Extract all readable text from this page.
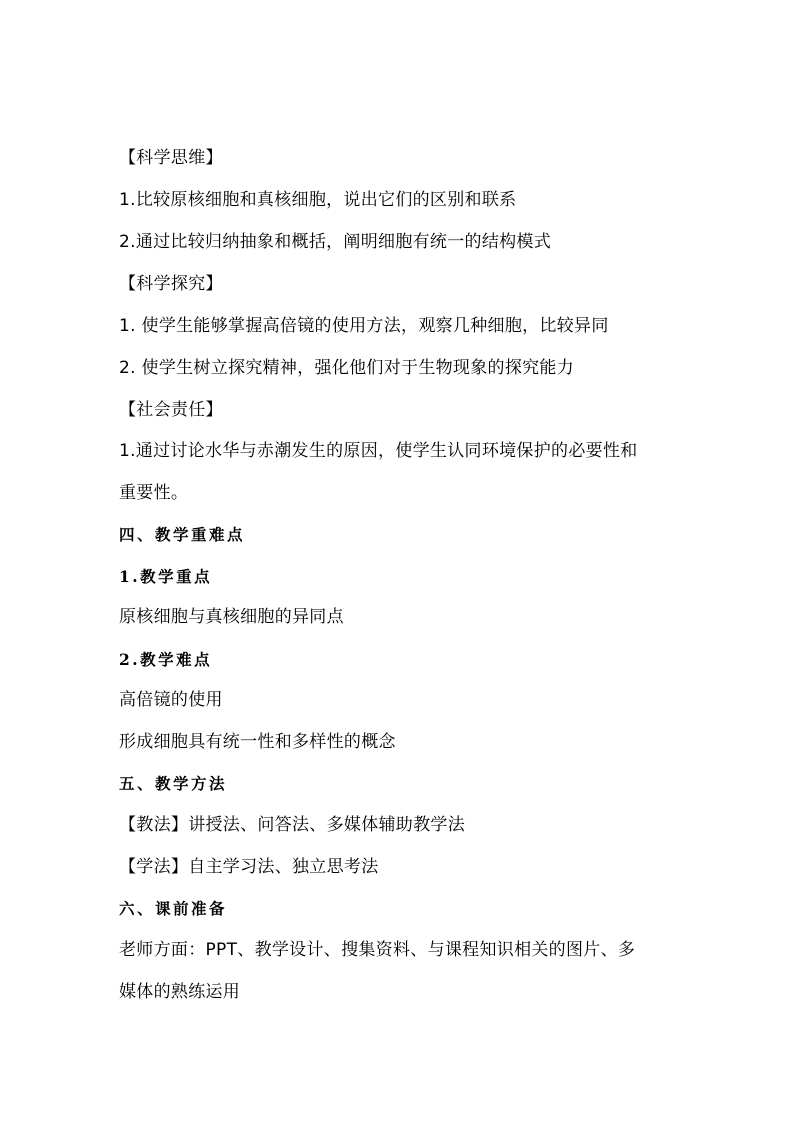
【科学思维】
1.比较原核细胞和真核细胞，说出它们的区别和联系
2.通过比较归纳抽象和概括，阐明细胞有统一的结构模式
【科学探究】
1. 使学生能够掌握高倍镜的使用方法，观察几种细胞，比较异同
2. 使学生树立探究精神，强化他们对于生物现象的探究能力
【社会责任】
1.通过讨论水华与赤潮发生的原因，使学生认同环境保护的必要性和
重要性。
四、教学重难点
1.教学重点
原核细胞与真核细胞的异同点
2.教学难点
高倍镜的使用
形成细胞具有统一性和多样性的概念
五、教学方法
【教法】讲授法、问答法、多媒体辅助教学法
【学法】自主学习法、独立思考法
六、课前准备
老师方面：PPT、教学设计、搜集资料、与课程知识相关的图片、多
媒体的熟练运用
